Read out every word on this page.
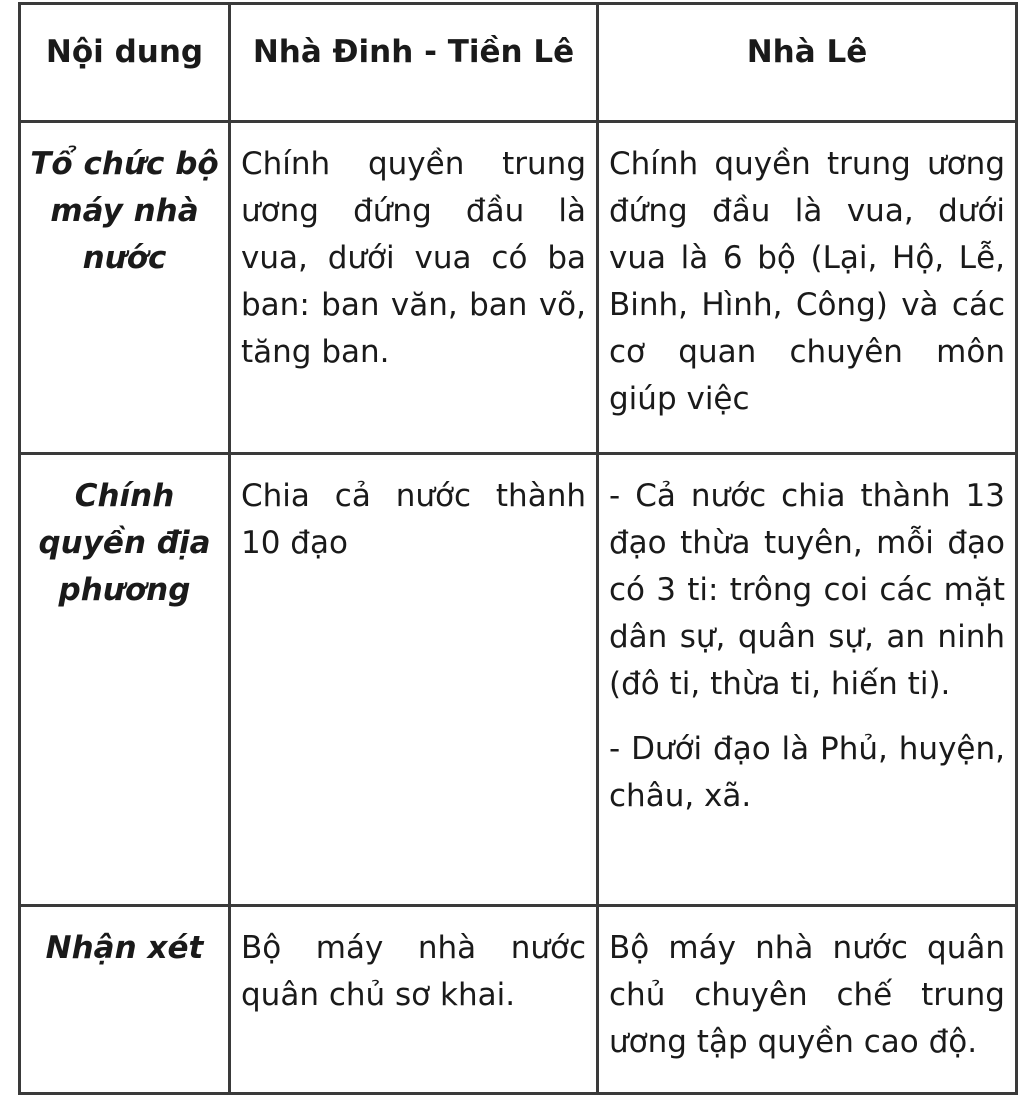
Nội dung	Nhà Đinh - Tiền Lê	Nhà Lê
Tổ chức bộ máy nhà nước	Chính quyền trung ương đứng đầu là vua, dưới vua có ba ban: ban văn, ban võ, tăng ban.	Chính quyền trung ương đứng đầu là vua, dưới vua là 6 bộ (Lại, Hộ, Lễ, Binh, Hình, Công) và các cơ quan chuyên môn giúp việc

Chính quyền địa phương	Chia cả nước thành 10 đạo	- Cả nước chia thành 13 đạo thừa tuyên, mỗi đạo có 3 ti: trông coi các mặt dân sự, quân sự, an ninh (đô ti, thừa ti, hiến ti).

- Dưới đạo là Phủ, huyện, châu, xã.

Nhận xét	Bộ máy nhà nước quân chủ sơ khai.	Bộ máy nhà nước quân chủ chuyên chế trung ương tập quyền cao độ.
